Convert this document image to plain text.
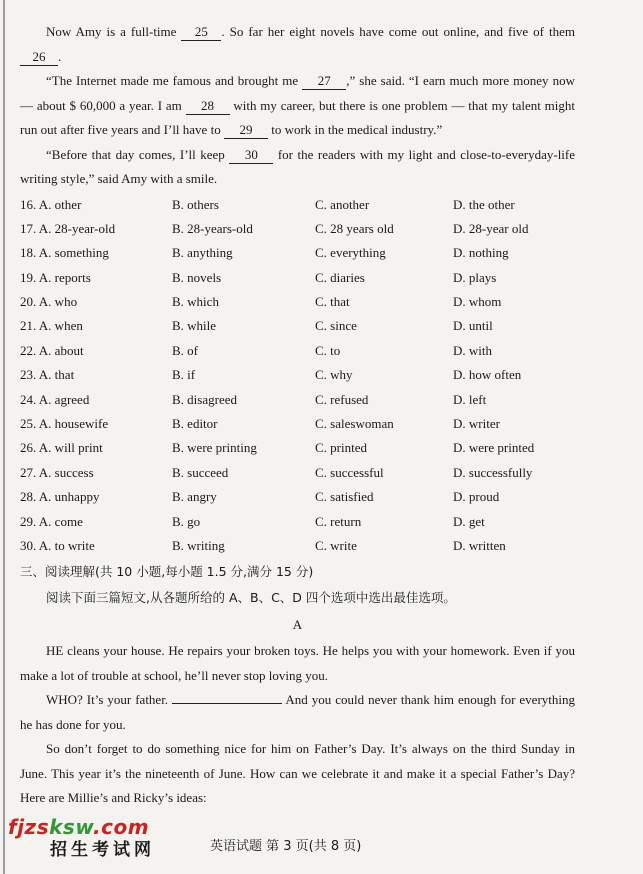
Now Amy is a full-time 25 . So far her eight novels have come out online, and five of them 26 .

“The Internet made me famous and brought me 27 ,” she said. “I earn much more money now — about $ 60,000 a year. I am 28 with my career, but there is one problem — that my talent might run out after five years and I’ll have to 29 to work in the medical industry.”

“Before that day comes, I’ll keep 30 for the readers with my light and close-to-everyday-life writing style,” said Amy with a smile.

16. A. other	B. others	C. another	D. the other
17. A. 28-year-old	B. 28-years-old	C. 28 years old	D. 28-year old
18. A. something	B. anything	C. everything	D. nothing
19. A. reports	B. novels	C. diaries	D. plays
20. A. who	B. which	C. that	D. whom
21. A. when	B. while	C. since	D. until
22. A. about	B. of	C. to	D. with
23. A. that	B. if	C. why	D. how often
24. A. agreed	B. disagreed	C. refused	D. left
25. A. housewife	B. editor	C. saleswoman	D. writer
26. A. will print	B. were printing	C. printed	D. were printed
27. A. success	B. succeed	C. successful	D. successfully
28. A. unhappy	B. angry	C. satisfied	D. proud
29. A. come	B. go	C. return	D. get
30. A. to write	B. writing	C. write	D. written
三、阅读理解(共 10 小题,每小题 1.5 分,满分 15 分)
阅读下面三篇短文,从各题所给的 A、B、C、D 四个选项中选出最佳选项。

A

HE cleans your house. He repairs your broken toys. He helps you with your homework. Even if you make a lot of trouble at school, he’ll never stop loving you.

WHO? It’s your father.	And you could never thank him enough for everything he has done for you.

So don’t forget to do something nice for him on Father’s Day. It’s always on the third Sunday in June. This year it’s the nineteenth of June. How can we celebrate it and make it a special Father’s Day? Here are Millie’s and Ricky’s ideas:

fjzsksw.com
招生考试网	英语试题 第 3 页(共 8 页)
